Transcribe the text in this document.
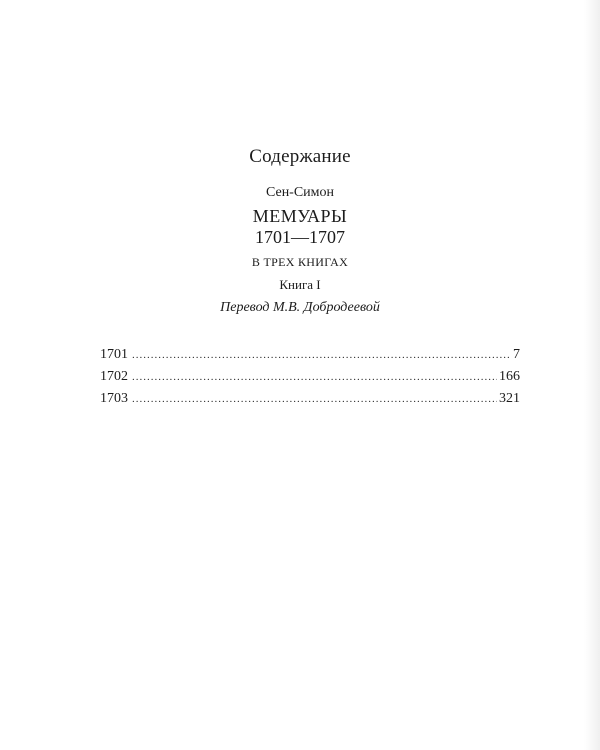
Содержание
Сен-Симон
МЕМУАРЫ
1701—1707
В ТРЕХ КНИГАХ
Книга I
Перевод М.В. Добродеевой
1701 .....	7
1702 .....	166
1703 .....	321
